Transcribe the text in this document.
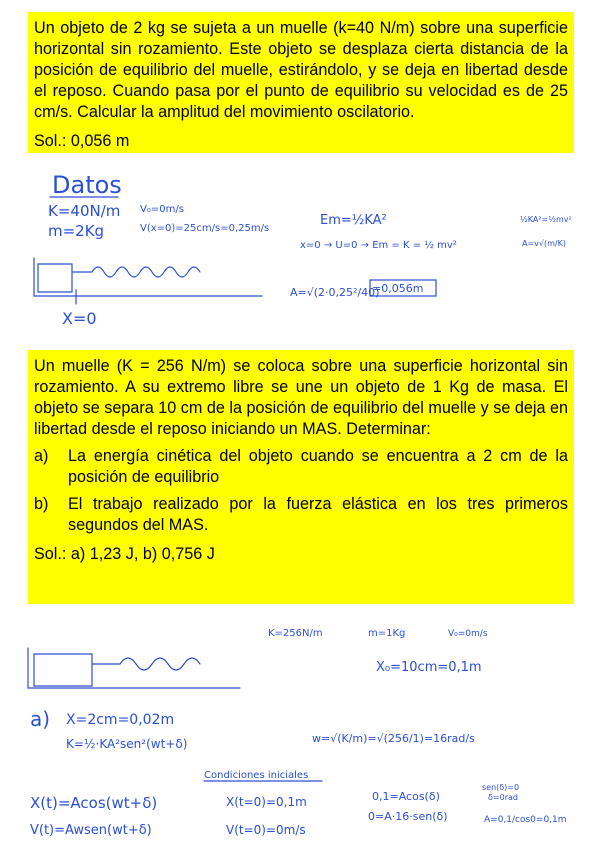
Un objeto de 2 kg se sujeta a un muelle (k=40 N/m) sobre una superficie horizontal sin rozamiento. Este objeto se desplaza cierta distancia de la posición de equilibrio del muelle, estirándolo, y se deja en libertad desde el reposo. Cuando pasa por el punto de equilibrio su velocidad es de 25 cm/s. Calcular la amplitud del movimiento oscilatorio.

Sol.: 0,056 m

Un muelle (K = 256 N/m) se coloca sobre una superficie horizontal sin rozamiento. A su extremo libre se une un objeto de 1 Kg de masa. El objeto se separa 10 cm de la posición de equilibrio del muelle y se deja en libertad desde el reposo iniciando un MAS. Determinar:

a)	La energía cinética del objeto cuando se encuentra a 2 cm de la posición de equilibrio
b)	El trabajo realizado por la fuerza elástica en los tres primeros segundos del MAS.

Sol.: a) 1,23 J, b) 0,756 J

Datos
K=40N/m
m=2Kg
V₀=0m/s
V(x=0)=25cm/s=0,25m/s
Em=½KA²	½KA²=½mv²
x=0 → U=0 → Em = K = ½ mv²	A=v√(m/K)
A=√(2·0,25²/40)
=0,056m
X=0
K=256N/m	m=1Kg	V₀=0m/s
X₀=10cm=0,1m
a) X=2cm=0,02m
K=½·KA²sen²(wt+δ)	w=√(K/m)=√(256/1)=16rad/s
Condiciones iniciales
X(t)=Acos(wt+δ)	X(t=0)=0,1m
V(t)=Awsen(wt+δ)	V(t=0)=0m/s
0,1=Acos(δ)
sen(δ)=0
δ=0rad
0=A·16·sen(δ)	A=0,1/cos0=0,1m
